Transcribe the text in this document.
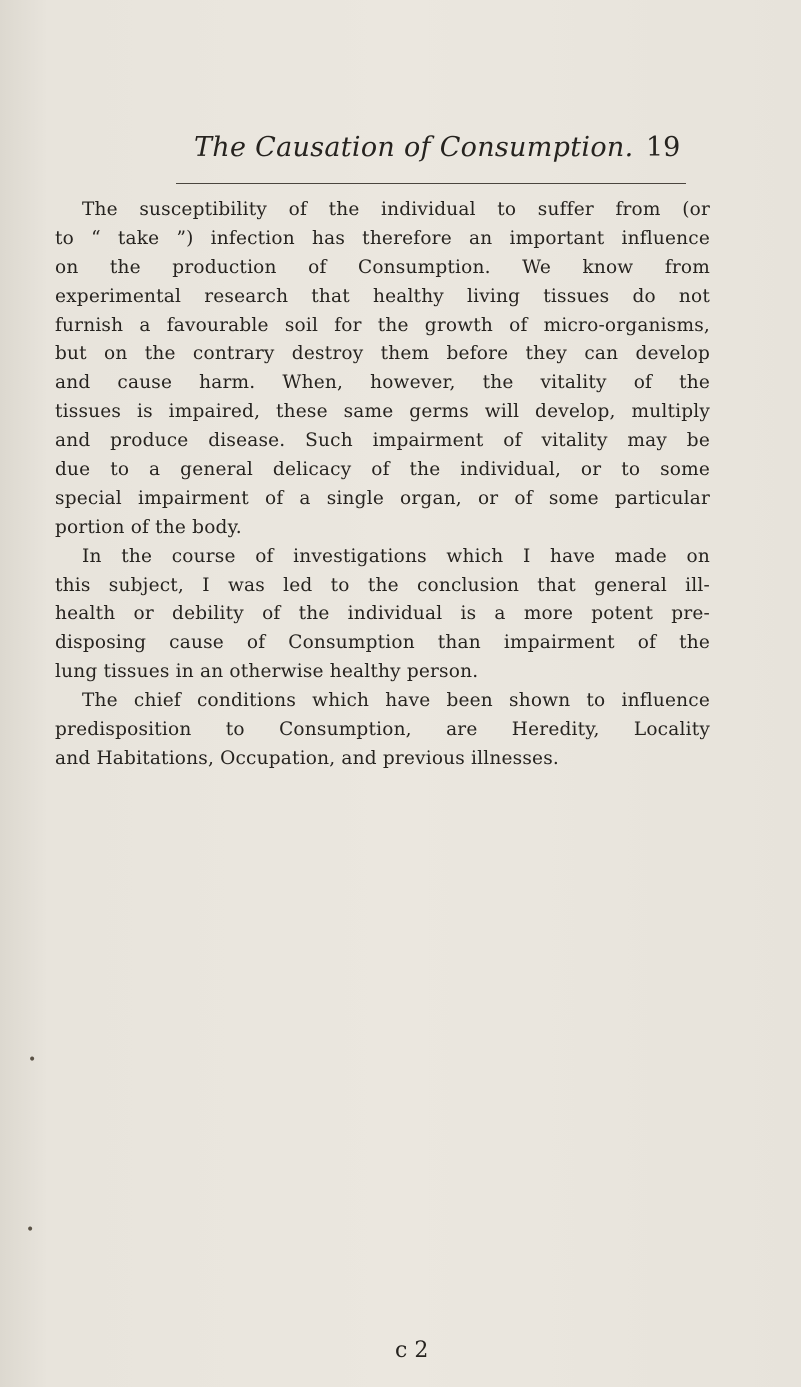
The Causation of Consumption. 19
The susceptibility of the individual to suffer from (or
to “ take ”) infection has therefore an important influence
on the production of Consumption. We know from
experimental research that healthy living tissues do not
furnish a favourable soil for the growth of micro-organisms,
but on the contrary destroy them before they can develop
and cause harm. When, however, the vitality of the
tissues is impaired, these same germs will develop, multiply
and produce disease. Such impairment of vitality may be
due to a general delicacy of the individual, or to some
special impairment of a single organ, or of some particular
portion of the body.
In the course of investigations which I have made on
this subject, I was led to the conclusion that general ill-
health or debility of the individual is a more potent pre-
disposing cause of Consumption than impairment of the
lung tissues in an otherwise healthy person.
The chief conditions which have been shown to influence
predisposition to Consumption, are Heredity, Locality
and Habitations, Occupation, and previous illnesses.
c 2
•
•
